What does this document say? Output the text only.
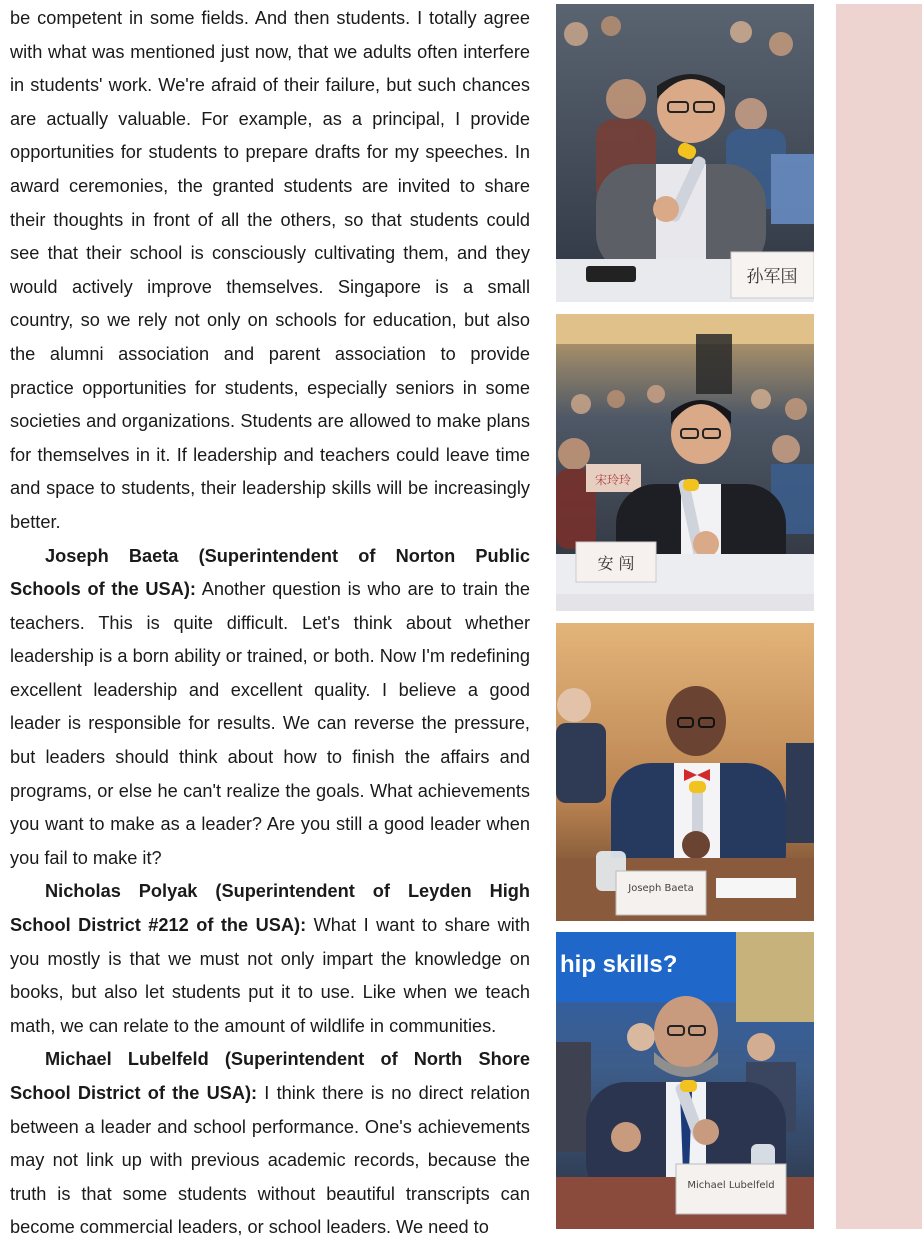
be competent in some fields. And then students. I totally agree with what was mentioned just now, that we adults often interfere in students' work. We're afraid of their failure, but such chances are actually valuable. For example, as a principal, I provide opportunities for students to prepare drafts for my speeches. In award ceremonies, the granted students are invited to share their thoughts in front of all the others, so that students could see that their school is consciously cultivating them, and they would actively improve themselves. Singapore is a small country, so we rely not only on schools for education, but also the alumni association and parent association to provide practice opportunities for students, especially seniors in some societies and organizations. Students are allowed to make plans for themselves in it. If leadership and teachers could leave time and space to students, their leadership skills will be increasingly better.

Joseph Baeta (Superintendent of Norton Public Schools of the USA): Another question is who are to train the teachers. This is quite difficult. Let's think about whether leadership is a born ability or trained, or both. Now I'm redefining excellent leadership and excellent quality. I believe a good leader is responsible for results. We can reverse the pressure, but leaders should think about how to finish the affairs and programs, or else he can't realize the goals. What achievements you want to make as a leader? Are you still a good leader when you fail to make it?

Nicholas Polyak (Superintendent of Leyden High School District #212 of the USA): What I want to share with you mostly is that we must not only impart the knowledge on books, but also let students put it to use. Like when we teach math, we can relate to the amount of wildlife in communities.

Michael Lubelfeld (Superintendent of North Shore School District of the USA): I think there is no direct relation between a leader and school performance. One's achievements may not link up with previous academic records, because the truth is that some students without beautiful transcripts can become commercial leaders, or school leaders. We need to

孙军国
宋玲玲
安 闯
Joseph Baeta
hip skills?
Michael Lubelfeld
